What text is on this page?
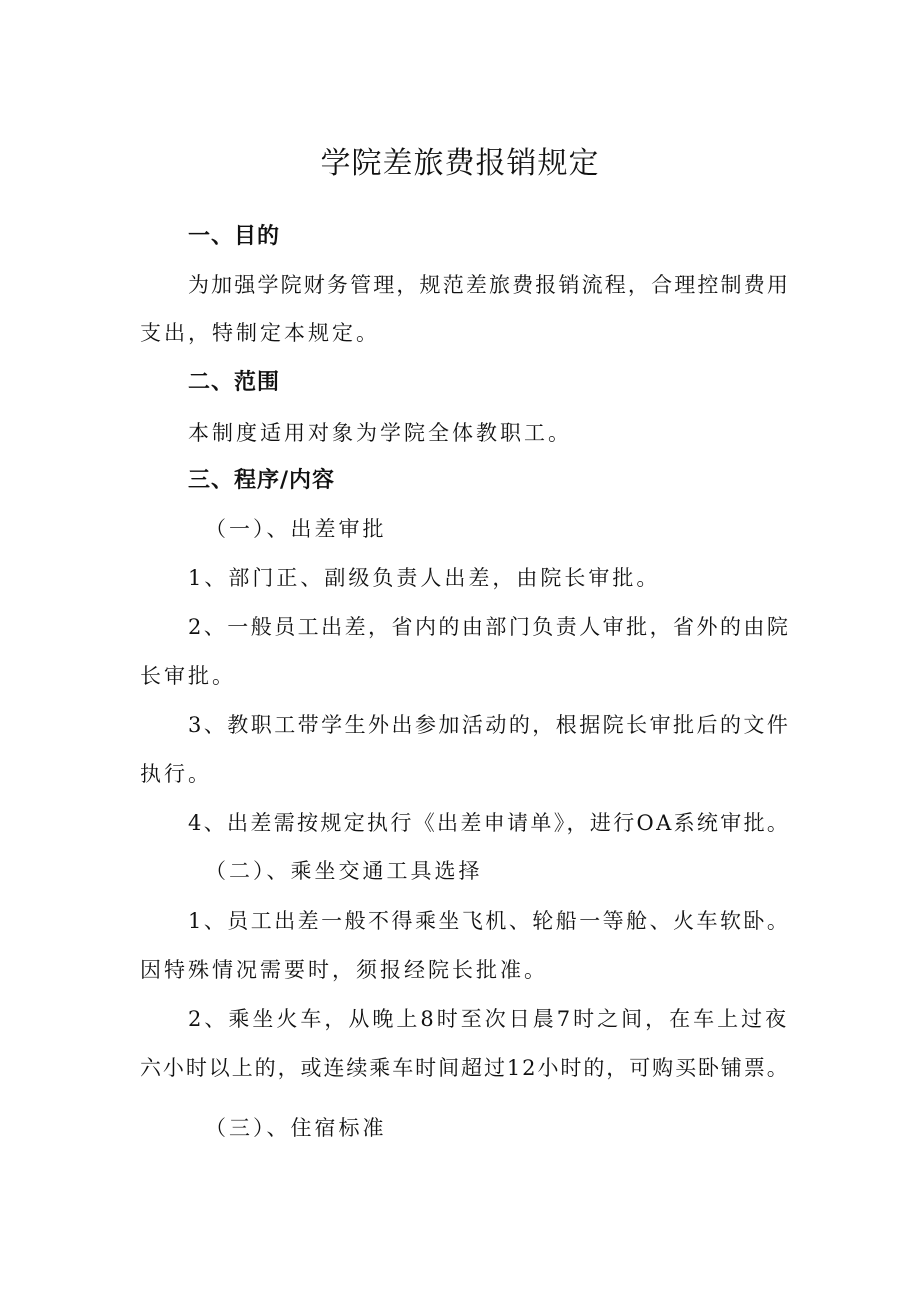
学院差旅费报销规定
一、目的
为加强学院财务管理，规范差旅费报销流程，合理控制费用
支出，特制定本规定。
二、范围
本制度适用对象为学院全体教职工。
三、程序/内容
（一）、出差审批
1、部门正、副级负责人出差，由院长审批。
2、一般员工出差，省内的由部门负责人审批，省外的由院
长审批。
3、教职工带学生外出参加活动的，根据院长审批后的文件
执行。
4、出差需按规定执行《出差申请单》，进行OA系统审批。
（二）、乘坐交通工具选择
1、员工出差一般不得乘坐飞机、轮船一等舱、火车软卧。
因特殊情况需要时，须报经院长批准。
2、乘坐火车，从晚上8时至次日晨7时之间，在车上过夜
六小时以上的，或连续乘车时间超过12小时的，可购买卧铺票。
（三）、住宿标准
